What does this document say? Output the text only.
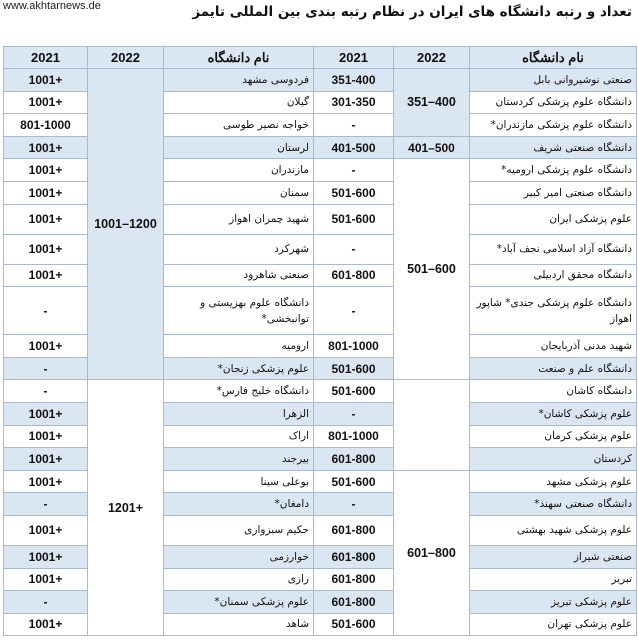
تعداد و رتبه دانشگاه های ایران در نظام رتبه بندی بین المللی تایمز
www.akhtarnews.de
2021	2022	نام دانشگاه	2021	2022	نام دانشگاه
1001+	1001–1200	فردوسی مشهد	351-400	351–400	صنعتی نوشیروانی بابل
1001+		گیلان	301-350		دانشگاه علوم پزشکی کردستان
801-1000		خواجه نصیر طوسی	-		دانشگاه علوم پزشکی مازندران*
1001+		لرستان	401-500	401–500	دانشگاه صنعتی شریف
1001+		مازندران	-	501–600	دانشگاه علوم پزشکی ارومیه*
1001+		سمنان	501-600		دانشگاه صنعتی امیر کبیر
1001+		شهید چمران اهواز	501-600		علوم پزشکی ایران
1001+		شهرکرد	-		دانشگاه آزاد اسلامی نجف آباد*
1001+		صنعتی شاهرود	601-800		دانشگاه محقق اردبیلی
-		دانشگاه علوم بهزیستی و توانبخشی*	-		دانشگاه علوم پزشکی جندی* شاپور اهواز
1001+		ارومیه	801-1000		شهید مدنی آذربایجان
-		علوم پزشکی زنجان*	501-600		دانشگاه علم و صنعت
-	1201+	دانشگاه خلیج فارس*	501-600		دانشگاه کاشان
1001+		الزهرا	-		علوم پزشکی کاشان*
1001+		اراک	801-1000		علوم پزشکی کرمان
1001+		بیرجند	601-800		کردستان
1001+		بوعلی سینا	501-600	601–800	علوم پزشکی مشهد
-		دامغان*	-		دانشگاه صنعتی سهند*
1001+		حکیم سبزواری	601-800		علوم پزشکی شهید بهشتی
1001+		خوارزمی	601-800		صنعتی شیراز
1001+		رازی	601-800		تبریز
-		علوم پزشکی سمنان*	601-800		علوم پزشکی تبریز
1001+		شاهد	501-600		علوم پزشکی تهران
